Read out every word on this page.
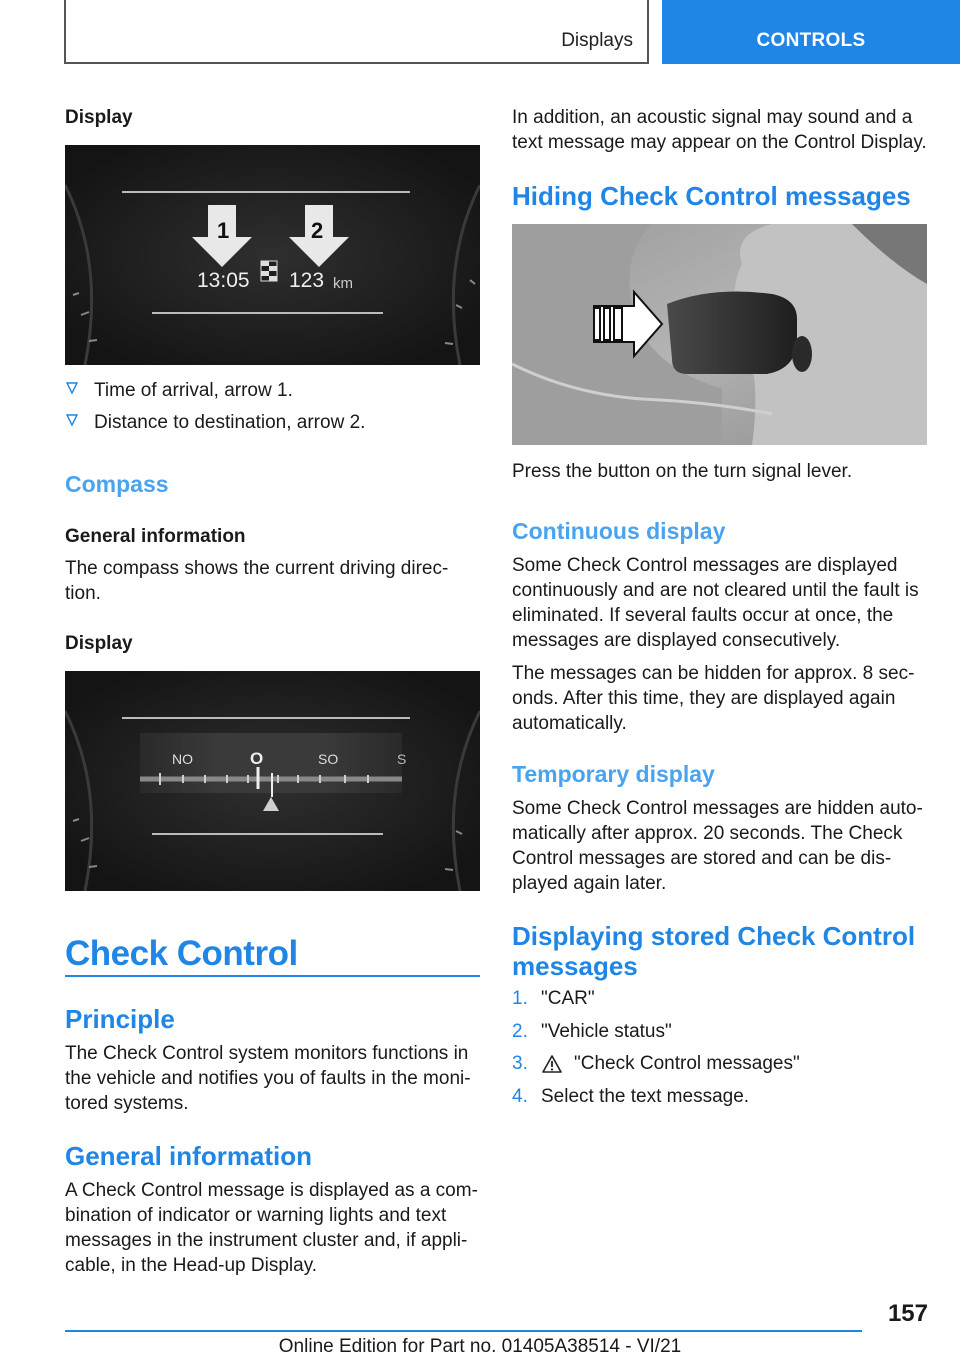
Displays	CONTROLS
Display
1	2
13:05 123 km
Time of arrival, arrow 1.
Distance to destination, arrow 2.
Compass
General information
The compass shows the current driving direc-
tion.
Display
NO	O	SO	S
Check Control
Principle
The Check Control system monitors functions in
the vehicle and notifies you of faults in the moni-
tored systems.
General information
A Check Control message is displayed as a com-
bination of indicator or warning lights and text
messages in the instrument cluster and, if appli-
cable, in the Head-up Display.
In addition, an acoustic signal may sound and a
text message may appear on the Control Display.
Hiding Check Control messages
Press the button on the turn signal lever.
Continuous display
Some Check Control messages are displayed
continuously and are not cleared until the fault is
eliminated. If several faults occur at once, the
messages are displayed consecutively.
The messages can be hidden for approx. 8 sec-
onds. After this time, they are displayed again
automatically.
Temporary display
Some Check Control messages are hidden auto-
matically after approx. 20 seconds. The Check
Control messages are stored and can be dis-
played again later.
Displaying stored Check Control
messages
1. "CAR"
2. "Vehicle status"
3. "Check Control messages"
4. Select the text message.
157
Online Edition for Part no. 01405A38514 - VI/21
